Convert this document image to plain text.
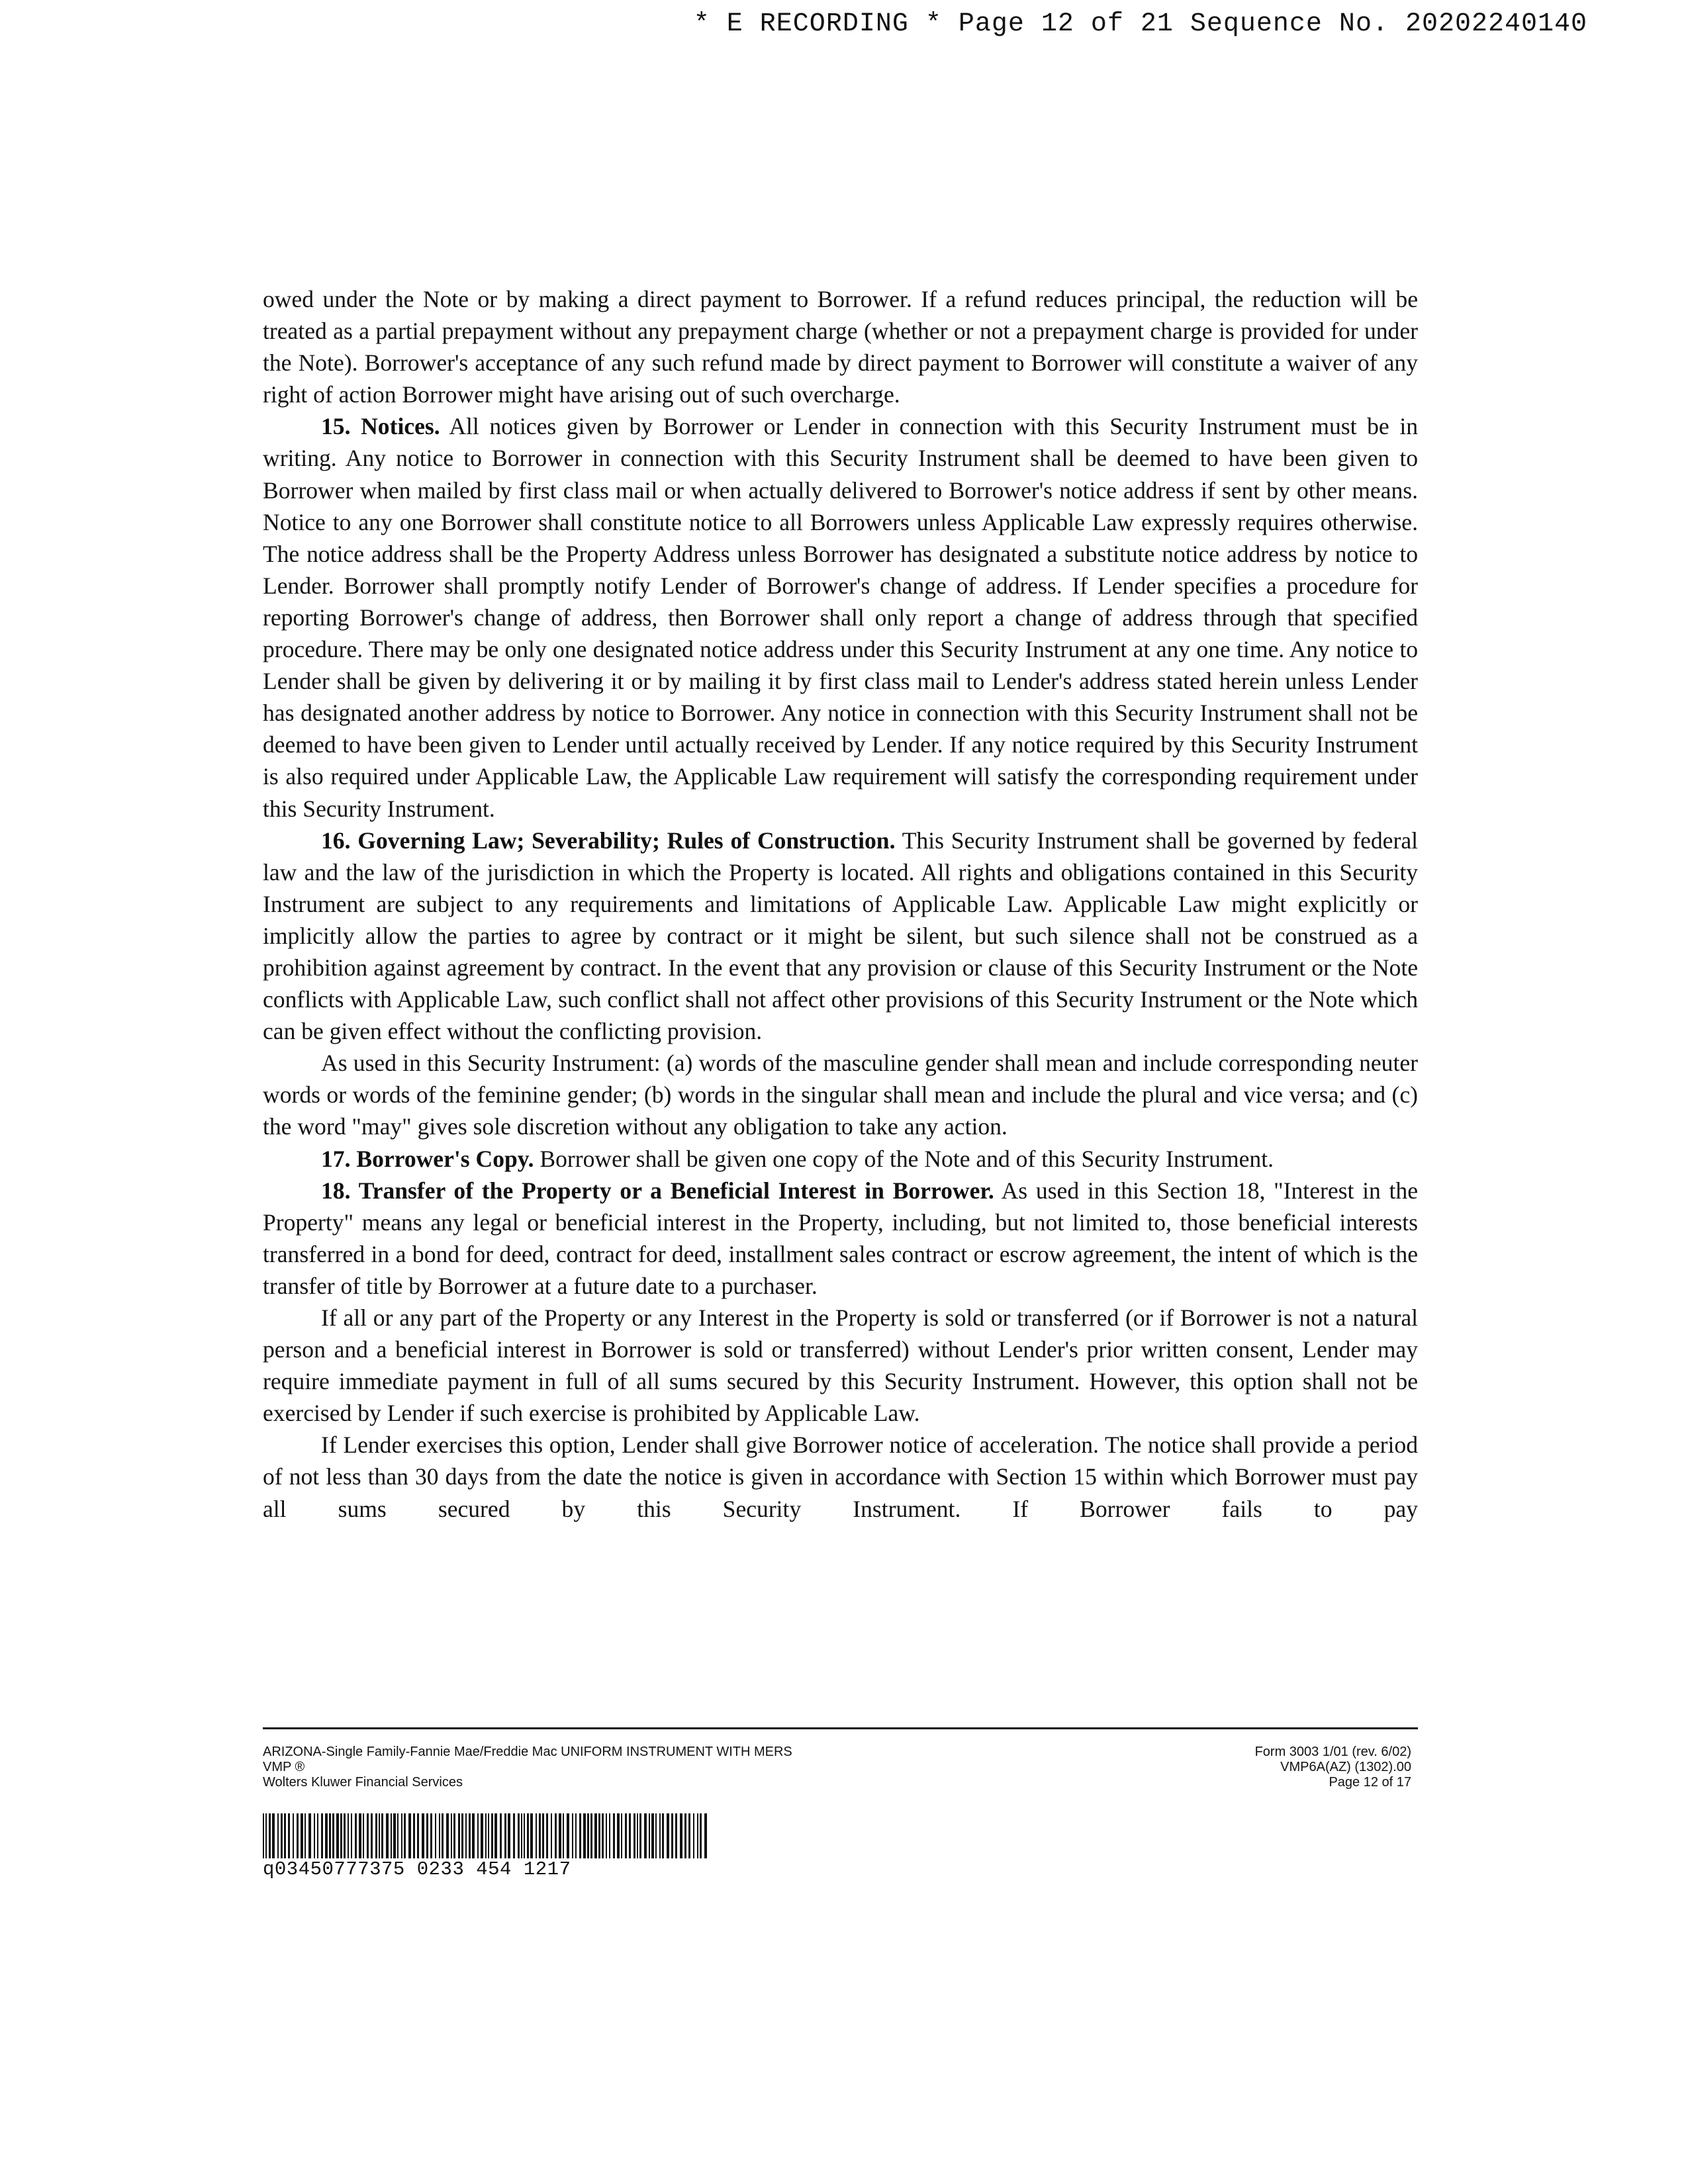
* E RECORDING * Page 12 of 21 Sequence No. 20202240140

owed under the Note or by making a direct payment to Borrower. If a refund reduces principal, the reduction will be treated as a partial prepayment without any prepayment charge (whether or not a prepayment charge is provided for under the Note). Borrower's acceptance of any such refund made by direct payment to Borrower will constitute a waiver of any right of action Borrower might have arising out of such overcharge.

15. Notices. All notices given by Borrower or Lender in connection with this Security Instrument must be in writing. Any notice to Borrower in connection with this Security Instrument shall be deemed to have been given to Borrower when mailed by first class mail or when actually delivered to Borrower's notice address if sent by other means. Notice to any one Borrower shall constitute notice to all Borrowers unless Applicable Law expressly requires otherwise. The notice address shall be the Property Address unless Borrower has designated a substitute notice address by notice to Lender. Borrower shall promptly notify Lender of Borrower's change of address. If Lender specifies a procedure for reporting Borrower's change of address, then Borrower shall only report a change of address through that specified procedure. There may be only one designated notice address under this Security Instrument at any one time. Any notice to Lender shall be given by delivering it or by mailing it by first class mail to Lender's address stated herein unless Lender has designated another address by notice to Borrower. Any notice in connection with this Security Instrument shall not be deemed to have been given to Lender until actually received by Lender. If any notice required by this Security Instrument is also required under Applicable Law, the Applicable Law requirement will satisfy the corresponding requirement under this Security Instrument.

16. Governing Law; Severability; Rules of Construction. This Security Instrument shall be governed by federal law and the law of the jurisdiction in which the Property is located. All rights and obligations contained in this Security Instrument are subject to any requirements and limitations of Applicable Law. Applicable Law might explicitly or implicitly allow the parties to agree by contract or it might be silent, but such silence shall not be construed as a prohibition against agreement by contract. In the event that any provision or clause of this Security Instrument or the Note conflicts with Applicable Law, such conflict shall not affect other provisions of this Security Instrument or the Note which can be given effect without the conflicting provision.

As used in this Security Instrument: (a) words of the masculine gender shall mean and include corresponding neuter words or words of the feminine gender; (b) words in the singular shall mean and include the plural and vice versa; and (c) the word "may" gives sole discretion without any obligation to take any action.

17. Borrower's Copy. Borrower shall be given one copy of the Note and of this Security Instrument.

18. Transfer of the Property or a Beneficial Interest in Borrower. As used in this Section 18, "Interest in the Property" means any legal or beneficial interest in the Property, including, but not limited to, those beneficial interests transferred in a bond for deed, contract for deed, installment sales contract or escrow agreement, the intent of which is the transfer of title by Borrower at a future date to a purchaser.

If all or any part of the Property or any Interest in the Property is sold or transferred (or if Borrower is not a natural person and a beneficial interest in Borrower is sold or transferred) without Lender's prior written consent, Lender may require immediate payment in full of all sums secured by this Security Instrument. However, this option shall not be exercised by Lender if such exercise is prohibited by Applicable Law.

If Lender exercises this option, Lender shall give Borrower notice of acceleration. The notice shall provide a period of not less than 30 days from the date the notice is given in accordance with Section 15 within which Borrower must pay all sums secured by this Security Instrument. If Borrower fails to pay

ARIZONA-Single Family-Fannie Mae/Freddie Mac UNIFORM INSTRUMENT WITH MERS
VMP ®
Wolters Kluwer Financial Services
Form 3003 1/01 (rev. 6/02)
VMP6A(AZ) (1302).00
Page 12 of 17
q03450777375 0233 454 1217
